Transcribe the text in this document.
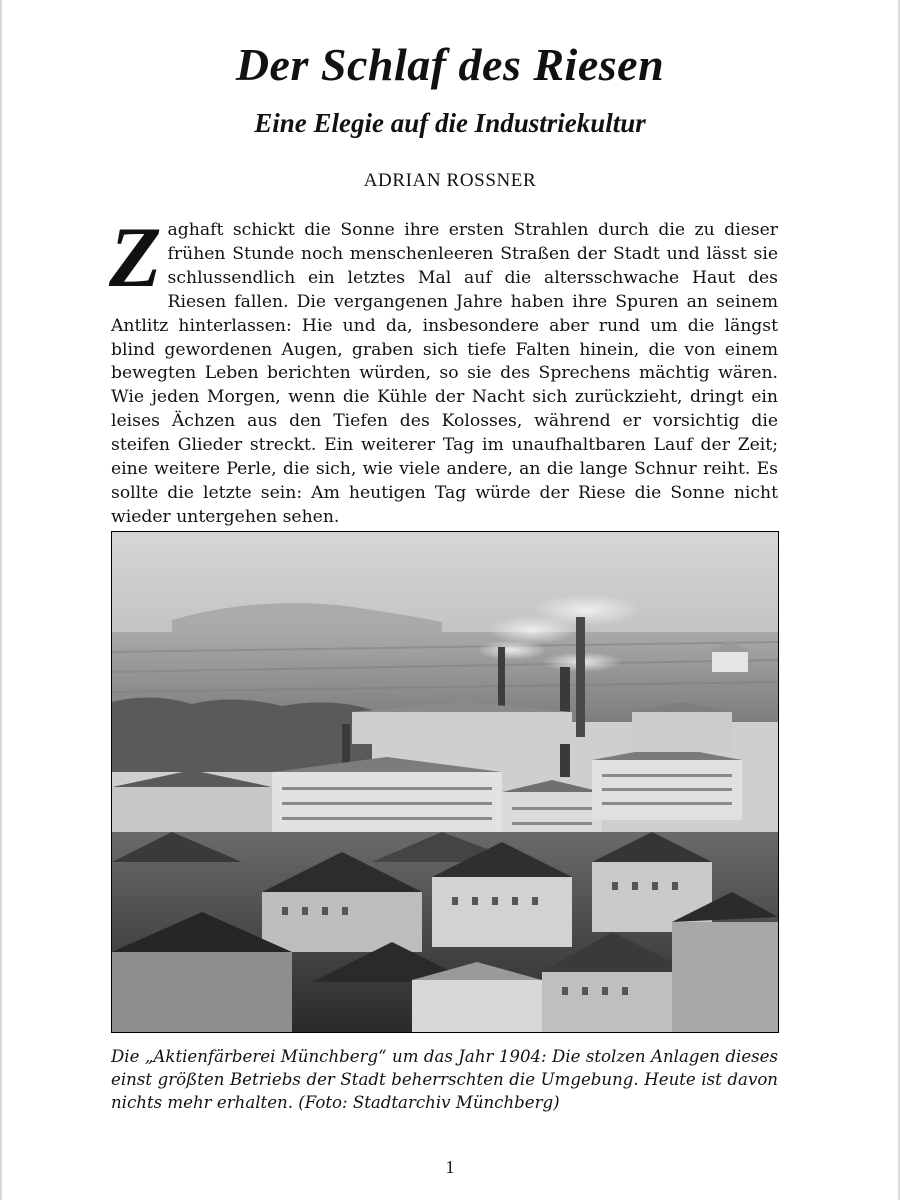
Der Schlaf des Riesen
Eine Elegie auf die Industriekultur
ADRIAN ROSSNER
Zaghaft schickt die Sonne ihre ersten Strahlen durch die zu dieser frühen Stunde noch menschenleeren Straßen der Stadt und lässt sie schlussendlich ein letztes Mal auf die altersschwache Haut des Riesen fallen. Die vergangenen Jahre haben ihre Spuren an seinem Antlitz hinterlassen: Hie und da, insbesondere aber rund um die längst blind gewordenen Augen, graben sich tiefe Falten hinein, die von einem bewegten Leben berichten würden, so sie des Sprechens mächtig wären. Wie jeden Morgen, wenn die Kühle der Nacht sich zurückzieht, dringt ein leises Ächzen aus den Tiefen des Kolosses, während er vorsichtig die steifen Glieder streckt. Ein weiterer Tag im unaufhaltbaren Lauf der Zeit; eine weitere Perle, die sich, wie viele andere, an die lange Schnur reiht. Es sollte die letzte sein: Am heutigen Tag würde der Riese die Sonne nicht wieder untergehen sehen.
Die „Aktienfärberei Münchberg“ um das Jahr 1904: Die stolzen Anlagen dieses einst größten Betriebs der Stadt beherrschten die Umgebung. Heute ist davon nichts mehr erhalten. (Foto: Stadtarchiv Münchberg)
1
